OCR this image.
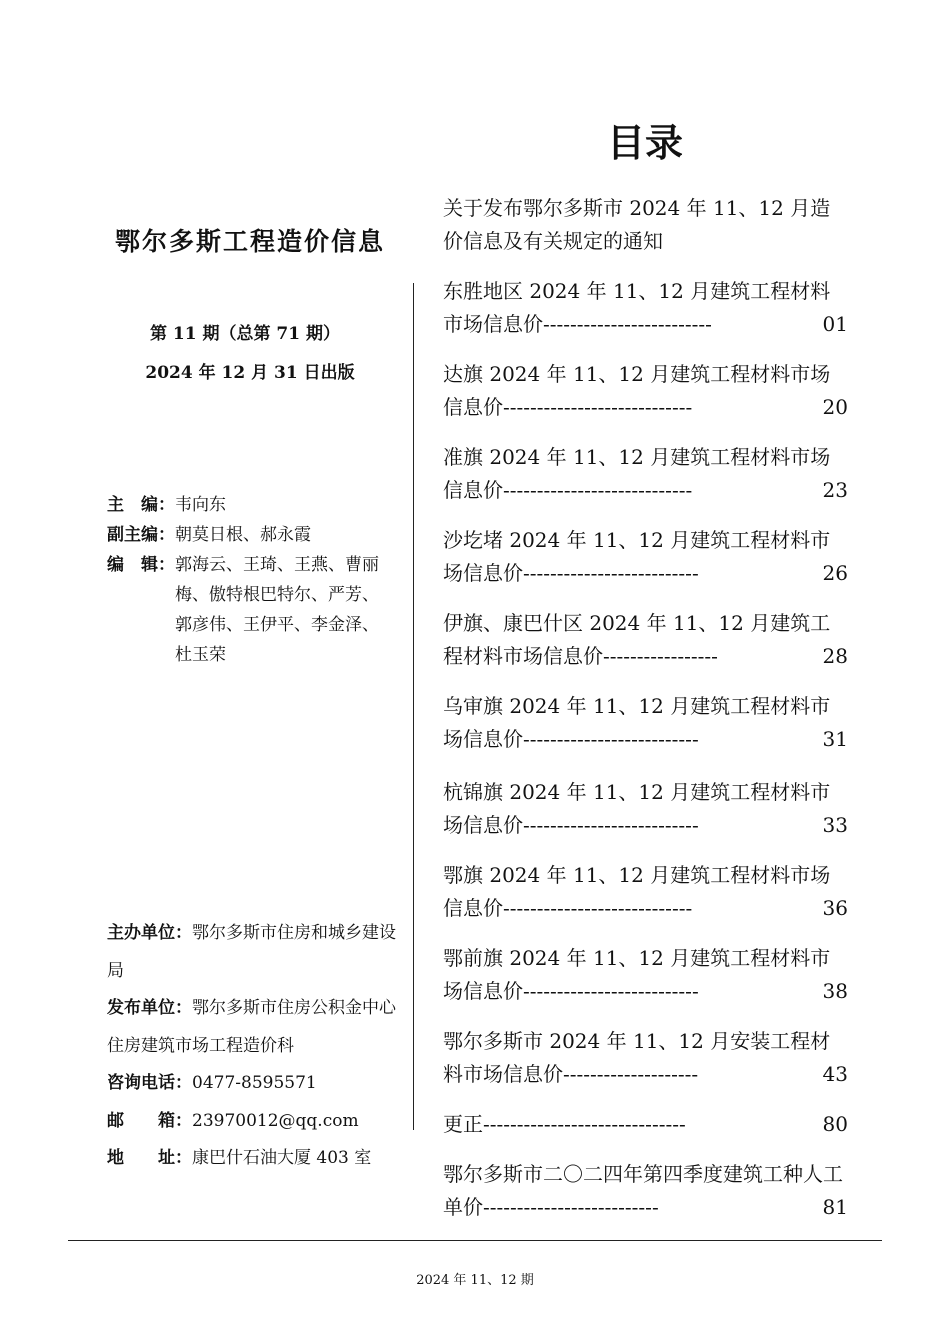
鄂尔多斯工程造价信息
第 11 期（总第 71 期）
2024 年 12 月 31 日出版
主　编： 韦向东
副主编： 朝莫日根、郝永霞
编　辑： 郭海云、王琦、王燕、曹丽梅、傲特根巴特尔、严芳、郭彦伟、王伊平、李金泽、杜玉荣
主办单位：鄂尔多斯市住房和城乡建设局
发布单位：鄂尔多斯市住房公积金中心住房建筑市场工程造价科
咨询电话：0477-8595571
邮　　箱：23970012@qq.com
地　　址：康巴什石油大厦 403 室
目录
关于发布鄂尔多斯市 2024 年 11、12 月造价信息及有关规定的通知
东胜地区 2024 年 11、12 月建筑工程材料市场信息价-------------------------	01
达旗 2024 年 11、12 月建筑工程材料市场信息价----------------------------	20
准旗 2024 年 11、12 月建筑工程材料市场信息价----------------------------	23
沙圪堵 2024 年 11、12 月建筑工程材料市场信息价--------------------------	26
伊旗、康巴什区 2024 年 11、12 月建筑工程材料市场信息价-----------------	28
乌审旗 2024 年 11、12 月建筑工程材料市场信息价--------------------------	31
杭锦旗 2024 年 11、12 月建筑工程材料市场信息价--------------------------	33
鄂旗 2024 年 11、12 月建筑工程材料市场信息价----------------------------	36
鄂前旗 2024 年 11、12 月建筑工程材料市场信息价--------------------------	38
鄂尔多斯市 2024 年 11、12 月安装工程材料市场信息价--------------------	43
更正------------------------------	80
鄂尔多斯市二〇二四年第四季度建筑工种人工单价--------------------------	81
2024 年 11、12 期
